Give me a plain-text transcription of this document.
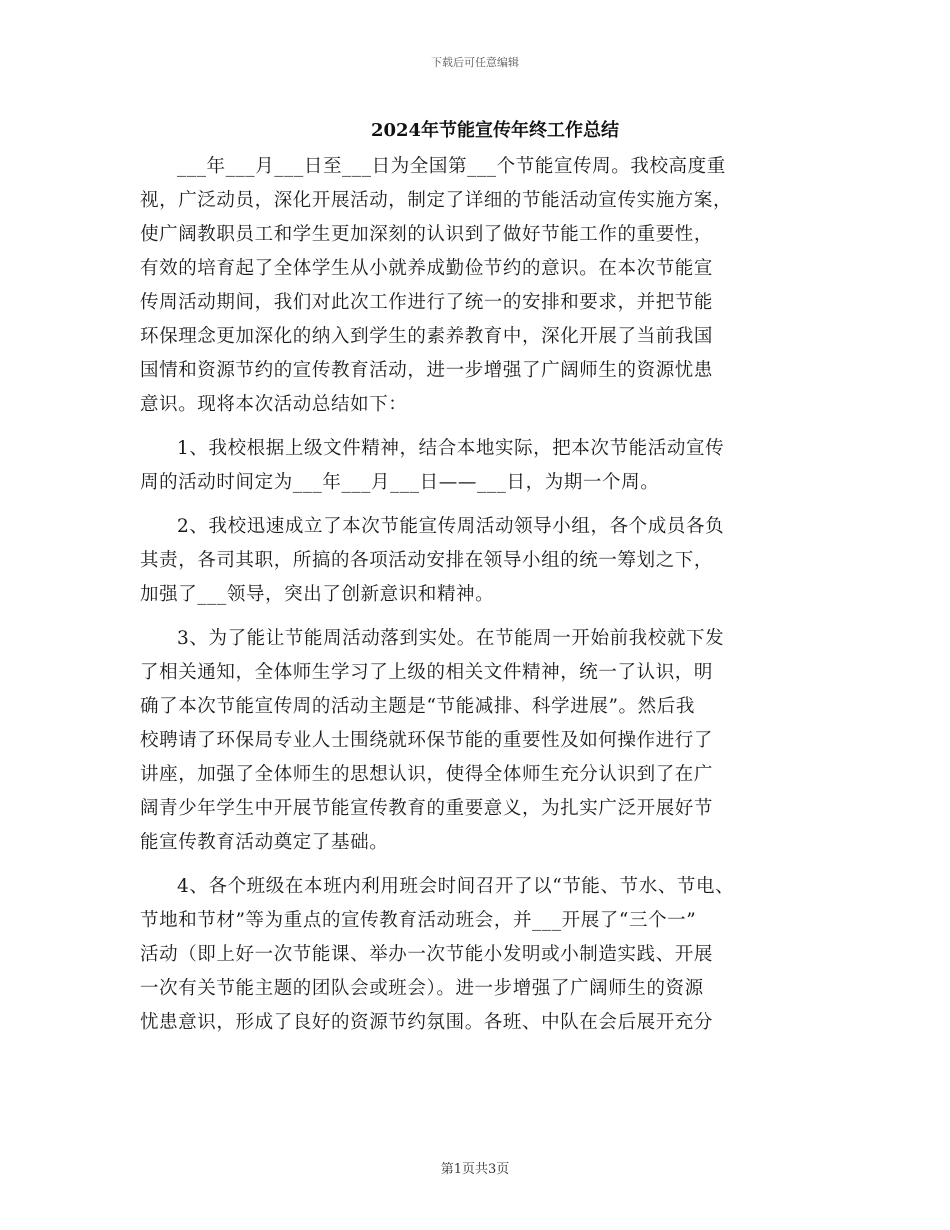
下载后可任意编辑
2024年节能宣传年终工作总结
___年___月___日至___日为全国第___个节能宣传周。我校高度重
视，广泛动员，深化开展活动，制定了详细的节能活动宣传实施方案，
使广阔教职员工和学生更加深刻的认识到了做好节能工作的重要性，
有效的培育起了全体学生从小就养成勤俭节约的意识。在本次节能宣
传周活动期间，我们对此次工作进行了统一的安排和要求，并把节能
环保理念更加深化的纳入到学生的素养教育中，深化开展了当前我国
国情和资源节约的宣传教育活动，进一步增强了广阔师生的资源忧患
意识。现将本次活动总结如下：
1、我校根据上级文件精神，结合本地实际，把本次节能活动宣传
周的活动时间定为___年___月___日——___日，为期一个周。
2、我校迅速成立了本次节能宣传周活动领导小组，各个成员各负
其责，各司其职，所搞的各项活动安排在领导小组的统一筹划之下，
加强了___领导，突出了创新意识和精神。
3、为了能让节能周活动落到实处。在节能周一开始前我校就下发
了相关通知，全体师生学习了上级的相关文件精神，统一了认识，明
确了本次节能宣传周的活动主题是“节能减排、科学进展”。然后我
校聘请了环保局专业人士围绕就环保节能的重要性及如何操作进行了
讲座，加强了全体师生的思想认识，使得全体师生充分认识到了在广
阔青少年学生中开展节能宣传教育的重要意义，为扎实广泛开展好节
能宣传教育活动奠定了基础。
4、各个班级在本班内利用班会时间召开了以“节能、节水、节电、
节地和节材”等为重点的宣传教育活动班会，并___开展了“三个一”
活动（即上好一次节能课、举办一次节能小发明或小制造实践、开展
一次有关节能主题的团队会或班会）。进一步增强了广阔师生的资源
忧患意识，形成了良好的资源节约氛围。各班、中队在会后展开充分
第1页共3页
